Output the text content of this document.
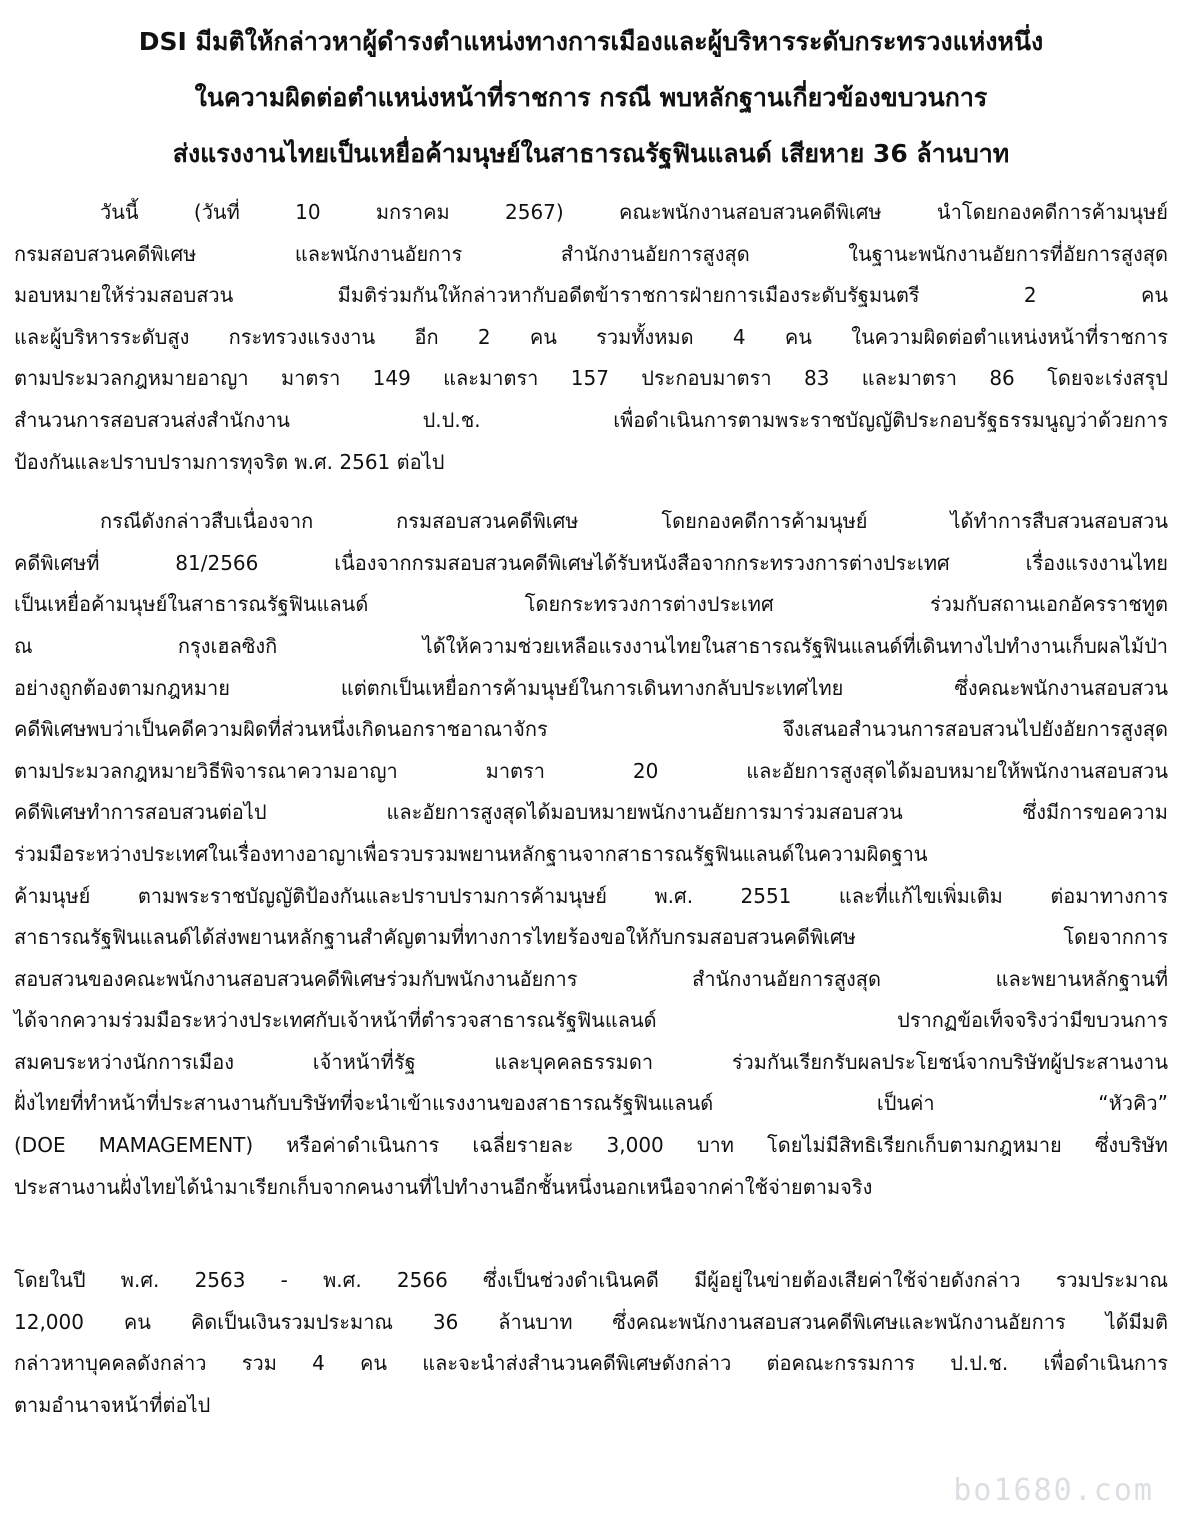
DSI มีมติให้กล่าวหาผู้ดำรงตำแหน่งทางการเมืองและผู้บริหารระดับกระทรวงแห่งหนึ่ง
ในความผิดต่อตำแหน่งหน้าที่ราชการ กรณี พบหลักฐานเกี่ยวข้องขบวนการ
ส่งแรงงานไทยเป็นเหยื่อค้ามนุษย์ในสาธารณรัฐฟินแลนด์ เสียหาย 36 ล้านบาท
วันนี้ (วันที่ 10 มกราคม 2567) คณะพนักงานสอบสวนคดีพิเศษ นำโดยกองคดีการค้ามนุษย์
กรมสอบสวนคดีพิเศษ และพนักงานอัยการ สำนักงานอัยการสูงสุด ในฐานะพนักงานอัยการที่อัยการสูงสุด
มอบหมายให้ร่วมสอบสวน มีมติร่วมกันให้กล่าวหากับอดีตข้าราชการฝ่ายการเมืองระดับรัฐมนตรี 2 คน
และผู้บริหารระดับสูง กระทรวงแรงงาน อีก 2 คน รวมทั้งหมด 4 คน ในความผิดต่อตำแหน่งหน้าที่ราชการ
ตามประมวลกฎหมายอาญา มาตรา 149 และมาตรา 157 ประกอบมาตรา 83 และมาตรา 86 โดยจะเร่งสรุป
สำนวนการสอบสวนส่งสำนักงาน ป.ป.ช. เพื่อดำเนินการตามพระราชบัญญัติประกอบรัฐธรรมนูญว่าด้วยการ
ป้องกันและปราบปรามการทุจริต พ.ศ. 2561 ต่อไป
กรณีดังกล่าวสืบเนื่องจาก กรมสอบสวนคดีพิเศษ โดยกองคดีการค้ามนุษย์ ได้ทำการสืบสวนสอบสวน
คดีพิเศษที่ 81/2566 เนื่องจากกรมสอบสวนคดีพิเศษได้รับหนังสือจากกระทรวงการต่างประเทศ เรื่องแรงงานไทย
เป็นเหยื่อค้ามนุษย์ในสาธารณรัฐฟินแลนด์ โดยกระทรวงการต่างประเทศ ร่วมกับสถานเอกอัครราชทูต
ณ กรุงเฮลซิงกิ ได้ให้ความช่วยเหลือแรงงานไทยในสาธารณรัฐฟินแลนด์ที่เดินทางไปทำงานเก็บผลไม้ป่า
อย่างถูกต้องตามกฎหมาย แต่ตกเป็นเหยื่อการค้ามนุษย์ในการเดินทางกลับประเทศไทย ซึ่งคณะพนักงานสอบสวน
คดีพิเศษพบว่าเป็นคดีความผิดที่ส่วนหนึ่งเกิดนอกราชอาณาจักร จึงเสนอสำนวนการสอบสวนไปยังอัยการสูงสุด
ตามประมวลกฎหมายวิธีพิจารณาความอาญา มาตรา 20 และอัยการสูงสุดได้มอบหมายให้พนักงานสอบสวน
คดีพิเศษทำการสอบสวนต่อไป และอัยการสูงสุดได้มอบหมายพนักงานอัยการมาร่วมสอบสวน ซึ่งมีการขอความ
ร่วมมือระหว่างประเทศในเรื่องทางอาญาเพื่อรวบรวมพยานหลักฐานจากสาธารณรัฐฟินแลนด์ในความผิดฐาน
ค้ามนุษย์ ตามพระราชบัญญัติป้องกันและปราบปรามการค้ามนุษย์ พ.ศ. 2551 และที่แก้ไขเพิ่มเติม ต่อมาทางการ
สาธารณรัฐฟินแลนด์ได้ส่งพยานหลักฐานสำคัญตามที่ทางการไทยร้องขอให้กับกรมสอบสวนคดีพิเศษ โดยจากการ
สอบสวนของคณะพนักงานสอบสวนคดีพิเศษร่วมกับพนักงานอัยการ สำนักงานอัยการสูงสุด และพยานหลักฐานที่
ได้จากความร่วมมือระหว่างประเทศกับเจ้าหน้าที่ตำรวจสาธารณรัฐฟินแลนด์ ปรากฏข้อเท็จจริงว่ามีขบวนการ
สมคบระหว่างนักการเมือง เจ้าหน้าที่รัฐ และบุคคลธรรมดา ร่วมกันเรียกรับผลประโยชน์จากบริษัทผู้ประสานงาน
ฝั่งไทยที่ทำหน้าที่ประสานงานกับบริษัทที่จะนำเข้าแรงงานของสาธารณรัฐฟินแลนด์ เป็นค่า “หัวคิว”
(DOE MAMAGEMENT) หรือค่าดำเนินการ เฉลี่ยรายละ 3,000 บาท โดยไม่มีสิทธิเรียกเก็บตามกฎหมาย ซึ่งบริษัท
ประสานงานฝั่งไทยได้นำมาเรียกเก็บจากคนงานที่ไปทำงานอีกชั้นหนึ่งนอกเหนือจากค่าใช้จ่ายตามจริง
โดยในปี พ.ศ. 2563 - พ.ศ. 2566 ซึ่งเป็นช่วงดำเนินคดี มีผู้อยู่ในข่ายต้องเสียค่าใช้จ่ายดังกล่าว รวมประมาณ
12,000 คน คิดเป็นเงินรวมประมาณ 36 ล้านบาท ซึ่งคณะพนักงานสอบสวนคดีพิเศษและพนักงานอัยการ ได้มีมติ
กล่าวหาบุคคลดังกล่าว รวม 4 คน และจะนำส่งสำนวนคดีพิเศษดังกล่าว ต่อคณะกรรมการ ป.ป.ช. เพื่อดำเนินการ
ตามอำนาจหน้าที่ต่อไป
bo1680.com
